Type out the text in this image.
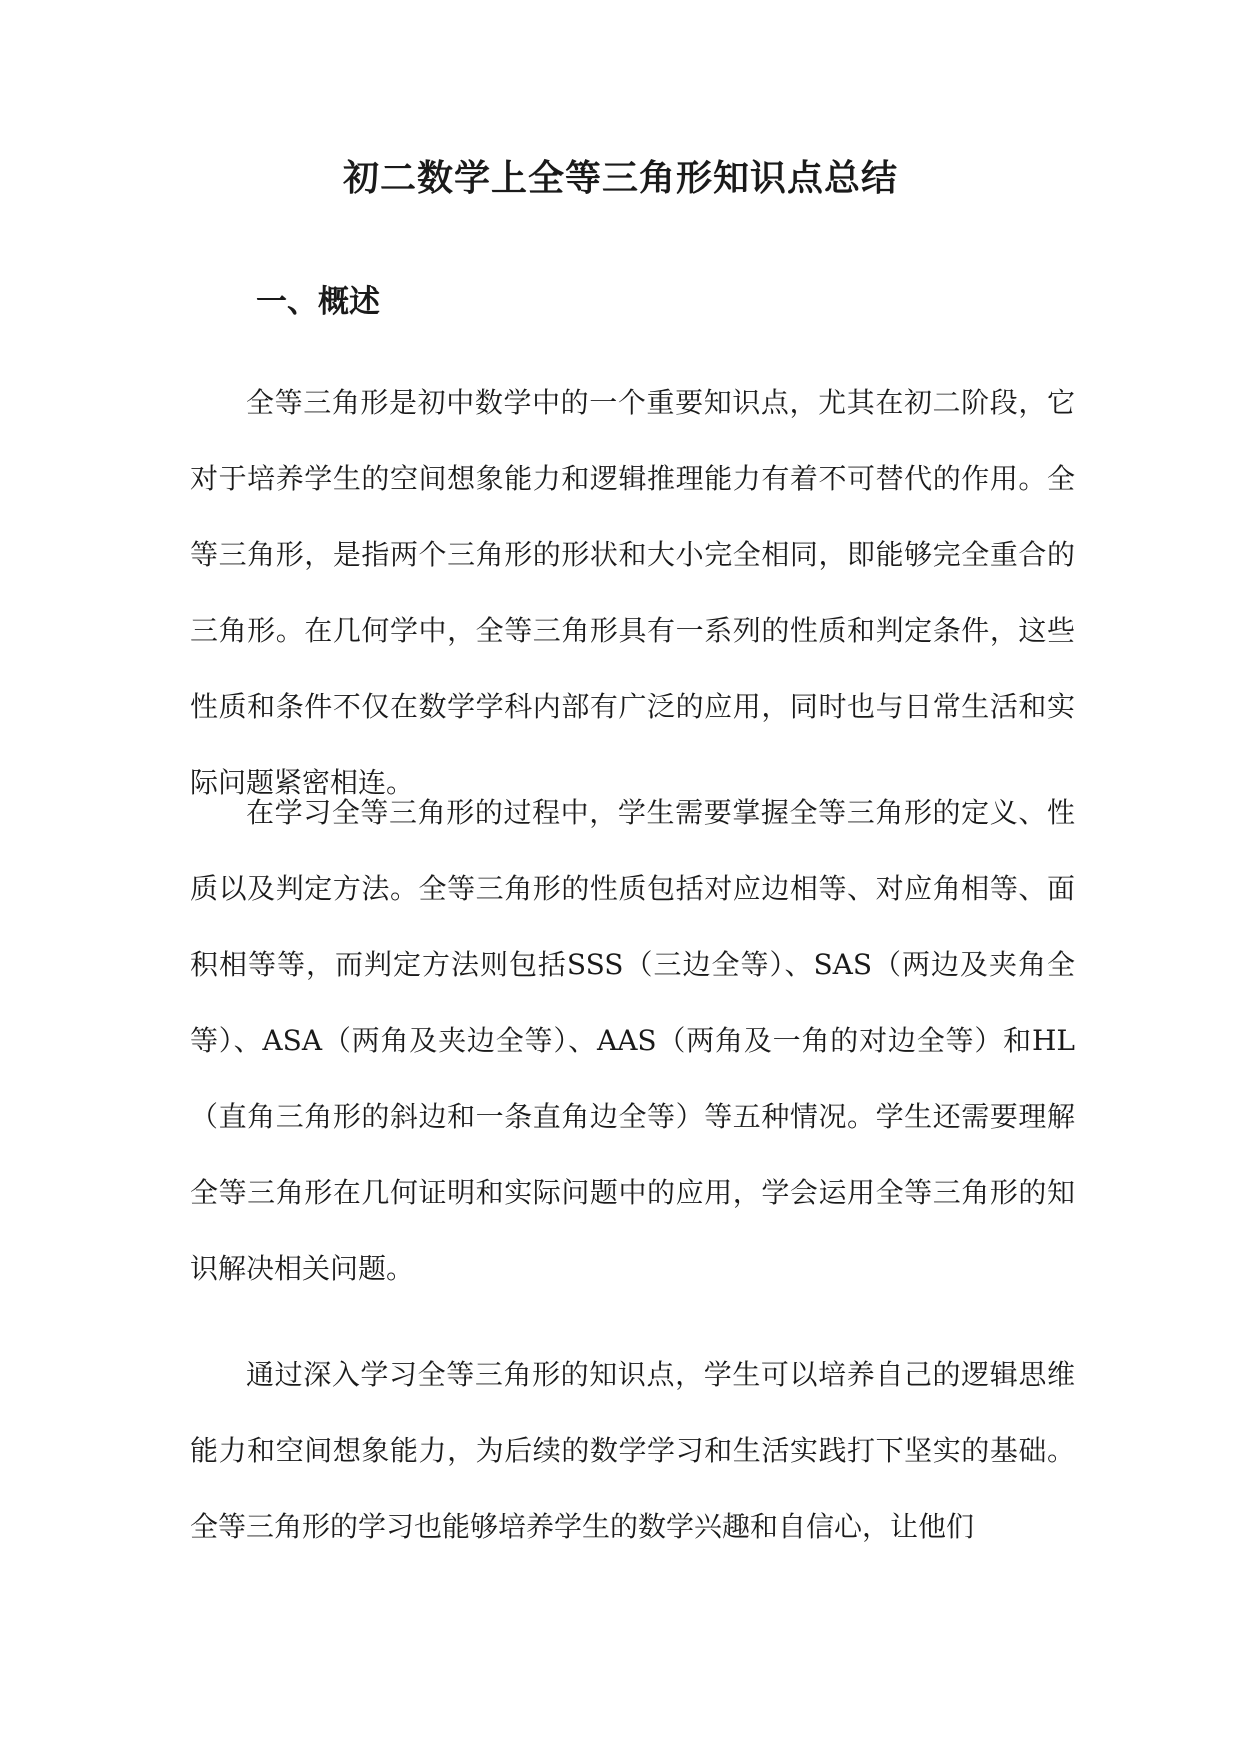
初二数学上全等三角形知识点总结
一、概述

全等三角形是初中数学中的一个重要知识点，尤其在初二阶段，它对于培养学生的空间想象能力和逻辑推理能力有着不可替代的作用。全等三角形，是指两个三角形的形状和大小完全相同，即能够完全重合的三角形。在几何学中，全等三角形具有一系列的性质和判定条件，这些性质和条件不仅在数学学科内部有广泛的应用，同时也与日常生活和实际问题紧密相连。

在学习全等三角形的过程中，学生需要掌握全等三角形的定义、性质以及判定方法。全等三角形的性质包括对应边相等、对应角相等、面积相等等，而判定方法则包括SSS（三边全等）、SAS（两边及夹角全等）、ASA（两角及夹边全等）、AAS（两角及一角的对边全等）和HL（直角三角形的斜边和一条直角边全等）等五种情况。学生还需要理解全等三角形在几何证明和实际问题中的应用，学会运用全等三角形的知识解决相关问题。

通过深入学习全等三角形的知识点，学生可以培养自己的逻辑思维能力和空间想象能力，为后续的数学学习和生活实践打下坚实的基础。全等三角形的学习也能够培养学生的数学兴趣和自信心，让他们
